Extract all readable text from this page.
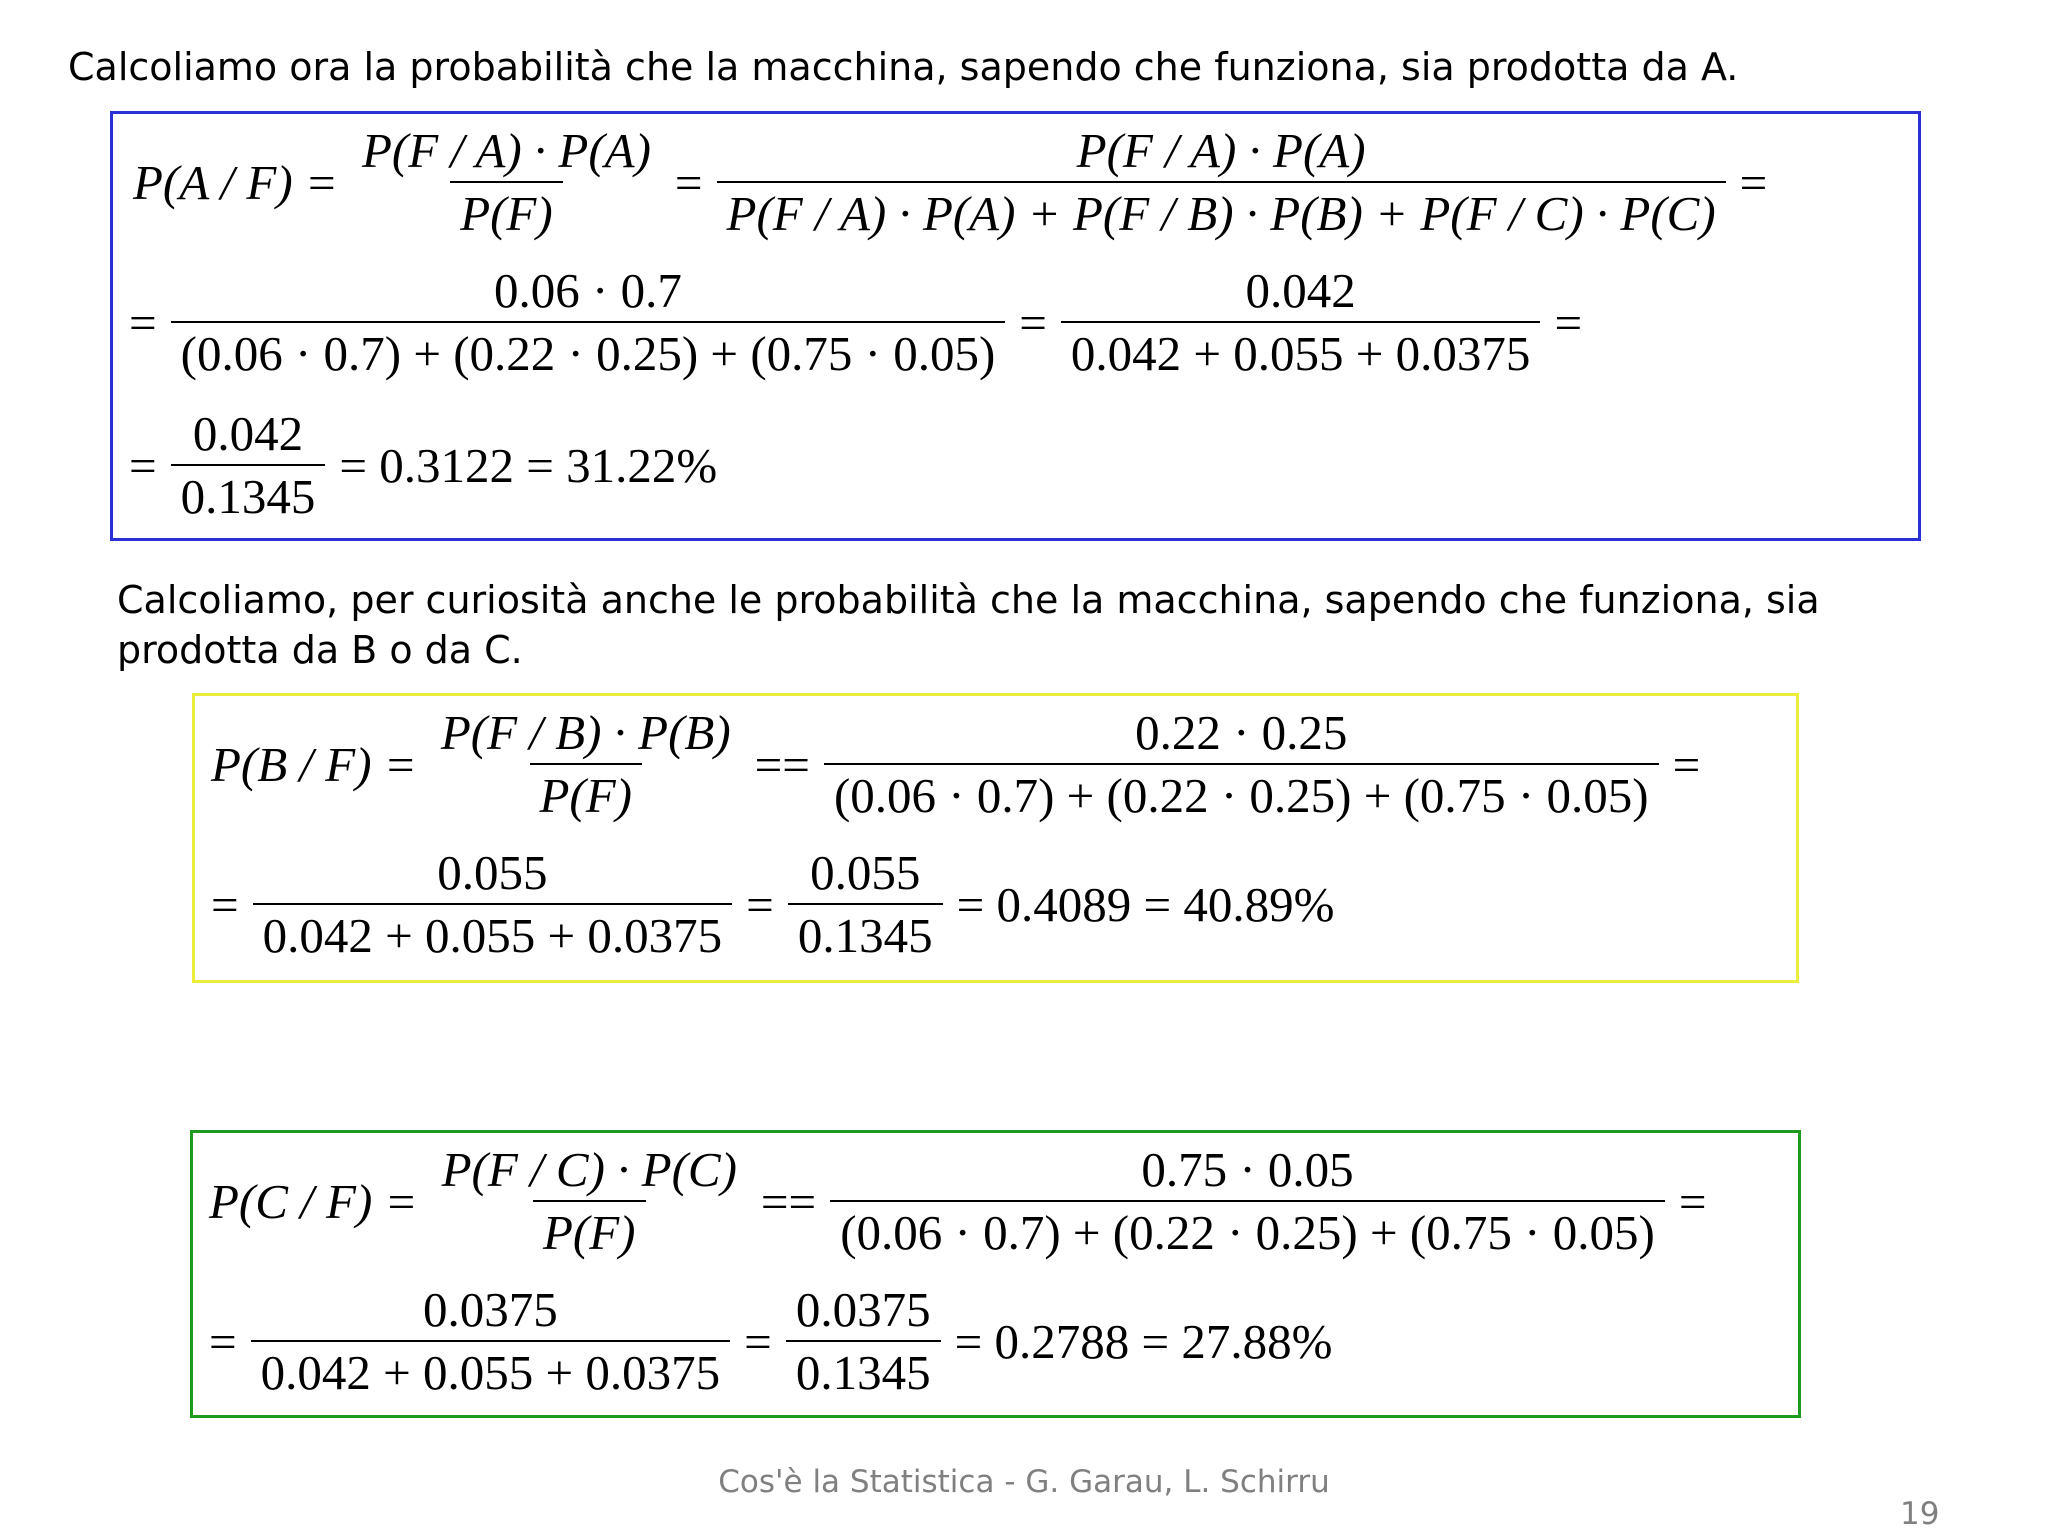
Calcoliamo ora la probabilità che la macchina, sapendo che funziona, sia prodotta da A.
$P(A / F) = \frac{P(F / A) \cdot P(A)}{P(F)} = \frac{P(F / A) \cdot P(A)}{P(F / A) \cdot P(A) + P(F / B) \cdot P(B) + P(F / C) \cdot P(C)}$ =
= $\frac{0.06 \cdot 0.7}{(0.06 \cdot 0.7) + (0.22 \cdot 0.25) + (0.75 \cdot 0.05)} = \frac{0.042}{0.042 + 0.055 + 0.0375}$ =
= $\frac{0.042}{0.1345} = 0.3122 = 31.22\%$
Calcoliamo, per curiosità anche le probabilità che la macchina, sapendo che funziona, sia prodotta da B o da C.
$P(B / F) = \frac{P(F / B) \cdot P(B)}{P(F)} == \frac{0.22 \cdot 0.25}{(0.06 \cdot 0.7) + (0.22 \cdot 0.25) + (0.75 \cdot 0.05)}$ =
= $\frac{0.055}{0.042 + 0.055 + 0.0375} = \frac{0.055}{0.1345} = 0.4089 = 40.89\%$
$P(C / F) = \frac{P(F / C) \cdot P(C)}{P(F)} == \frac{0.75 \cdot 0.05}{(0.06 \cdot 0.7) + (0.22 \cdot 0.25) + (0.75 \cdot 0.05)}$ =
= $\frac{0.0375}{0.042 + 0.055 + 0.0375} = \frac{0.0375}{0.1345} = 0.2788 = 27.88\%$
Cos'è la Statistica - G. Garau, L. Schirru
19
